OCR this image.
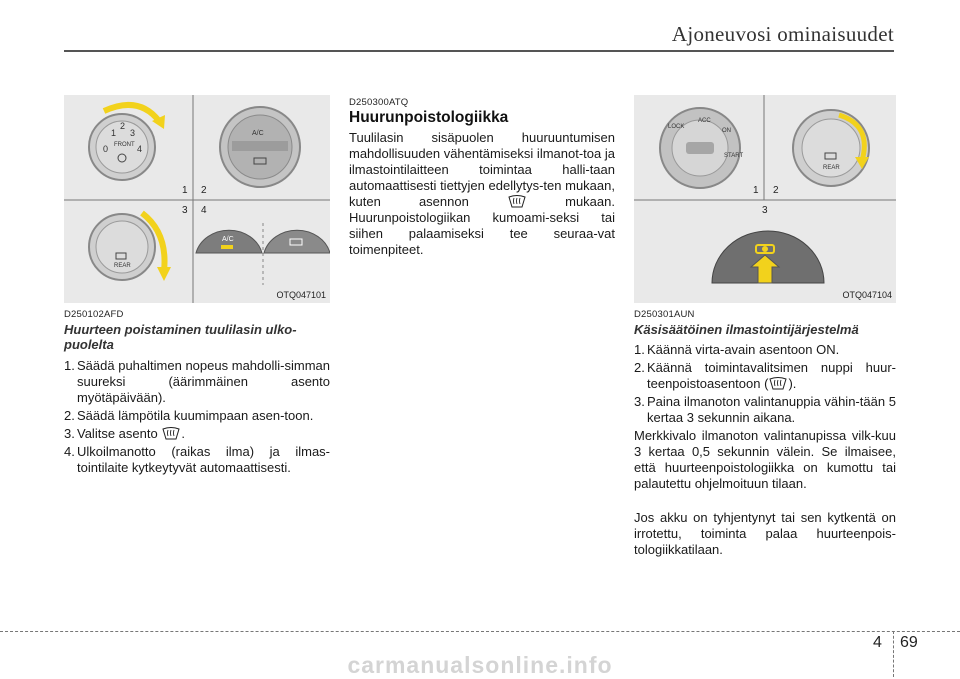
Ajoneuvosi ominaisuudet
2
1 3
0	4
FRONT
A/C
1 2
3 4
REAR
A/C
OTQ047101
LOCK
ACC
ON
START
REAR
1 2
3
OTQ047104
D250102AFD
Huurteen poistaminen tuulilasin ulko-puolelta
1. Säädä puhaltimen nopeus mahdolli-simman suureksi (äärimmäinen asento myötäpäivään).
2. Säädä lämpötila kuumimpaan asen-toon.
3. Valitse asento .
4. Ulkoilmanotto (raikas ilma) ja ilmas-tointilaite kytkeytyvät automaattisesti.
D250300ATQ
Huurunpoistologiikka
Tuulilasin sisäpuolen huuruuntumisen mahdollisuuden vähentämiseksi ilmanot-toa ja ilmastointilaitteen toimintaa halli-taan automaattisesti tiettyjen edellytys-ten mukaan, kuten asennon	mukaan. Huurunpoistologiikan kumoami-seksi tai siihen palaamiseksi tee seuraa-vat toimenpiteet.
D250301AUN
Käsisäätöinen ilmastointijärjestelmä
1. Käännä virta-avain asentoon ON.
2. Käännä toimintavalitsimen nuppi huur-teenpoistoasentoon ( ).
3. Paina ilmanoton valintanuppia vähin-tään 5 kertaa 3 sekunnin aikana.
Merkkivalo ilmanoton valintanupissa vilk-kuu 3 kertaa 0,5 sekunnin välein. Se ilmaisee, että huurteenpoistologiikka on kumottu tai palautettu ohjelmoituun tilaan.
Jos akku on tyhjentynyt tai sen kytkentä on irrotettu, toiminta palaa huurteenpois-tologiikkatilaan.
4 69
carmanualsonline.info
